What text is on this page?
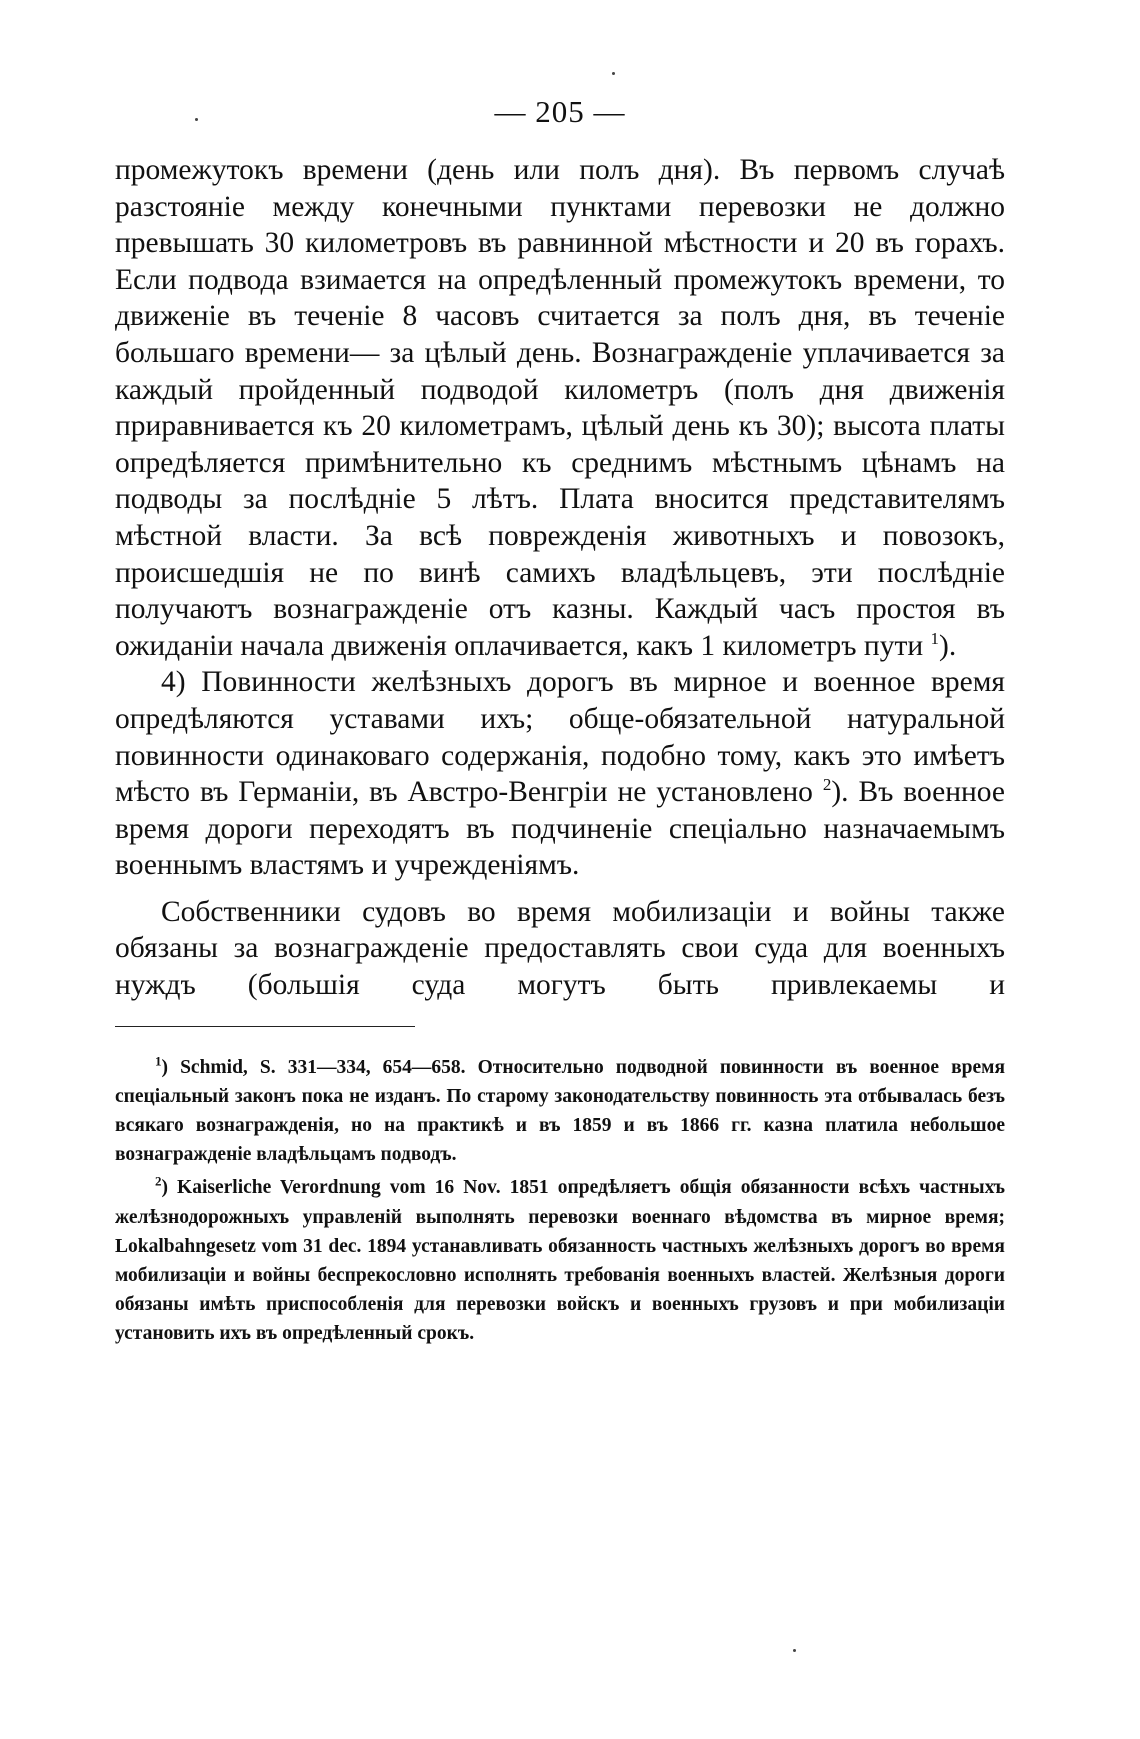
— 205 —

промежутокъ времени (день или полъ дня). Въ первомъ случаѣ разстояніе между конечными пунктами перевозки не должно превышать 30 километровъ въ равнинной мѣстности и 20 въ горахъ. Если подвода взимается на опредѣленный промежутокъ времени, то движеніе въ теченіе 8 часовъ считается за полъ дня, въ теченіе большаго времени— за цѣлый день. Вознагражденіе уплачивается за каждый пройденный подводой километръ (полъ дня движенія приравнивается къ 20 километрамъ, цѣлый день къ 30); высота платы опредѣляется примѣнительно къ среднимъ мѣстнымъ цѣнамъ на подводы за послѣдніе 5 лѣтъ. Плата вносится представителямъ мѣстной власти. За всѣ поврежденія животныхъ и повозокъ, происшедшія не по винѣ самихъ владѣльцевъ, эти послѣдніе получаютъ вознагражденіе отъ казны. Каждый часъ простоя въ ожиданіи начала движенія оплачивается, какъ 1 километръ пути $^1$).

4) Повинности желѣзныхъ дорогъ въ мирное и военное время опредѣляются уставами ихъ; обще-обязательной натуральной повинности одинаковаго содержанія, подобно тому, какъ это имѣетъ мѣсто въ Германіи, въ Австро-Венгріи не установлено $^2$). Въ военное время дороги переходятъ въ подчиненіе спеціально назначаемымъ военнымъ властямъ и учрежденіямъ.

Собственники судовъ во время мобилизаціи и войны также обязаны за вознагражденіе предоставлять свои суда для военныхъ нуждъ (большія суда могутъ быть привлекаемы и

$^1$) Schmid, S. 331—334, 654—658. Относительно подводной повинности въ военное время спеціальный законъ пока не изданъ. По старому законодательству повинность эта отбывалась безъ всякаго вознагражденія, но на практикѣ и въ 1859 и въ 1866 гг. казна платила небольшое вознагражденіе владѣльцамъ подводъ.

$^2$) Kaiserliche Verordnung vom 16 Nov. 1851 опредѣляетъ общія обязанности всѣхъ частныхъ желѣзнодорожныхъ управленій выполнять перевозки военнаго вѣдомства въ мирное время; Lokalbahngesetz vom 31 dec. 1894 устанавливать обязанность частныхъ желѣзныхъ дорогъ во время мобилизаціи и войны беспрекословно исполнять требованія военныхъ властей. Желѣзныя дороги обязаны имѣть приспособленія для перевозки войскъ и военныхъ грузовъ и при мобилизаціи установить ихъ въ опредѣленный срокъ.
